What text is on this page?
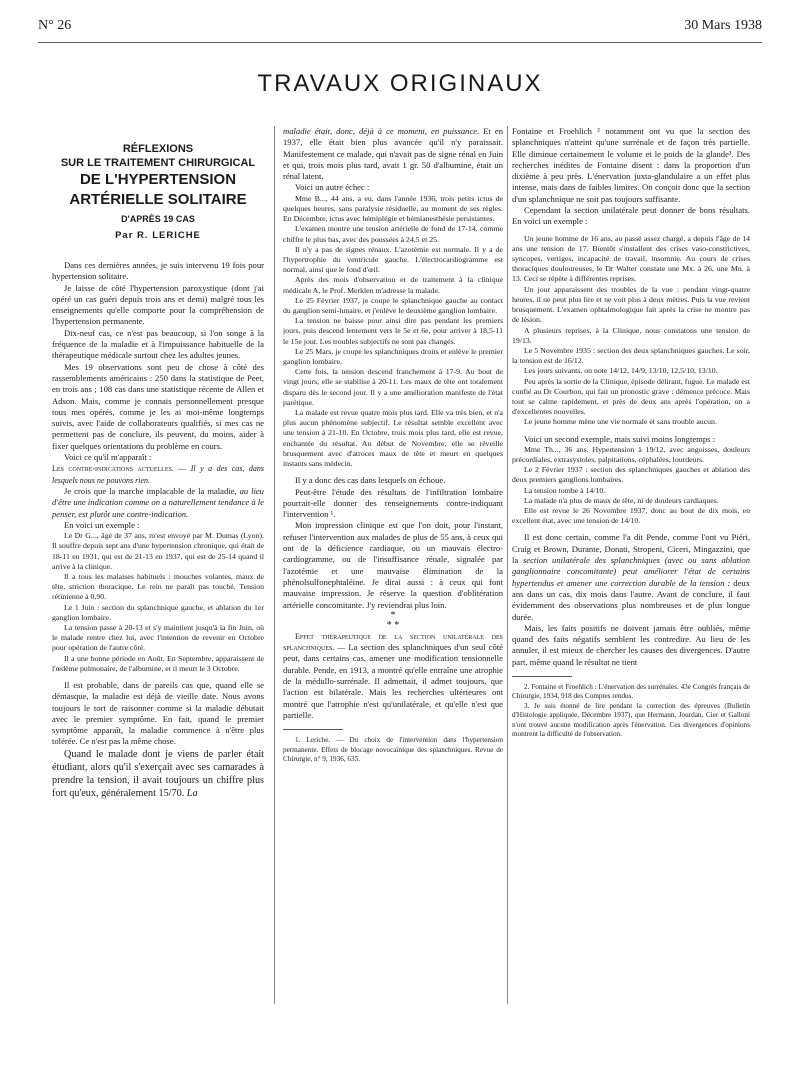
N° 26	30 Mars 1938
TRAVAUX ORIGINAUX
RÉFLEXIONS
SUR LE TRAITEMENT CHIRURGICAL
DE L'HYPERTENSION
ARTÉRIELLE SOLITAIRE
D'APRÈS 19 CAS
Par R. LERICHE

Dans ces dernières années, je suis intervenu 19 fois pour hypertension solitaire.

Je laisse de côté l'hypertension paroxystique (dont j'ai opéré un cas guéri depuis trois ans et demi) malgré tous les enseignements qu'elle comporte pour la compréhension de l'hypertension permanente.

Dix-neuf cas, ce n'est pas beaucoup, si l'on songe à la fréquence de la maladie et à l'impuissance habituelle de la thérapeutique médicale surtout chez les adultes jeunes.

Mes 19 observations sont peu de chose à côté des rassemblements américains : 250 dans la statistique de Peet, en trois ans ; 108 cas dans une statistique récente de Allen et Adson. Mais, comme je connais personnellement presque tous mes opérés, comme je les ai moi-même longtemps suivis, avec l'aide de collaborateurs qualifiés, si mes cas ne permettent pas de conclure, ils peuvent, du moins, aider à fixer quelques orientations du problème en cours.

Voici ce qu'il m'apparaît :

Les contre-indications actuelles. — Il y a des cas, dans lesquels nous ne pouvons rien.

Je crois que la marche implacable de la maladie, au lieu d'être une indication comme on a naturellement tendance à le penser, est plutôt une contre-indication.

En voici un exemple :

Le Dr G..., âgé de 37 ans, m'est envoyé par M. Dumas (Lyon). Il souffre depuis sept ans d'une hypertension chronique, qui était de 18-11 en 1931, qui est de 21-13 en 1937, qui est de 25-14 quand il arrive à la clinique.

Il a tous les malaises habituels : mouches volantes, maux de tête, striction thoracique. Le rein ne paraît pas touché. Tension rétinienne à 0,90.

Le 1 Juin : section du splanchnique gauche, et ablation du 1er ganglion lombaire.

La tension passe à 20-13 et s'y maintient jusqu'à la fin Juin, où le malade rentre chez lui, avec l'intention de revenir en Octobre pour opération de l'autre côté.

Il a une bonne période en Août. En Septembre, apparaissent de l'œdème pulmonaire, de l'albumine, et il meurt le 3 Octobre.

Il est probable, dans de pareils cas que, quand elle se démasque, la maladie est déjà de vieille date. Nous avons toujours le tort de raisonner comme si la maladie débutait avec le premier symptôme. En fait, quand le premier symptôme apparaît, la maladie commence à n'être plus tolérée. Ce n'est pas la même chose.

Quand le malade dont je viens de parler était étudiant, alors qu'il s'exerçait avec ses camarades à prendre la tension, il avait toujours un chiffre plus fort qu'eux, généralement 15/70. La

maladie était, donc, déjà à ce moment, en puissance. Et en 1937, elle était bien plus avancée qu'il n'y paraissait. Manifestement ce malade, qui n'avait pas de signe rénal en Juin et qui, trois mois plus tard, avait 1 gr. 50 d'albumine, était un rénal latent.

Voici un autre échec :

Mme B..., 44 ans, a eu, dans l'année 1936, trois petits ictus de quelques heures, sans paralysie résiduelle, au moment de ses règles. En Décembre, ictus avec hémiplégie et hémianesthésie persistantes.

L'examen montre une tension artérielle de fond de 17-14, comme chiffre le plus bas, avec des poussées à 24,5 et 25.

Il n'y a pas de signes rénaux. L'azotémie est normale. Il y a de l'hypertrophie du ventricule gauche. L'électrocardiogramme est normal, ainsi que le fond d'œil.

Après des mois d'observation et de traitement à la clinique médicale A, le Prof. Merklen m'adresse la malade.

Le 25 Février 1937, je coupe le splanchnique gauche au contact du ganglion semi-lunaire, et j'enlève le deuxième ganglion lombaire.

La tension ne baisse pour ainsi dire pas pendant les premiers jours, puis descend lentement vers le 5e et 6e, pour arriver à 18,5-11 le 15e jour. Les troubles subjectifs ne sont pas changés.

Le 25 Mars, je coupe les splanchniques droits et enlève le premier ganglion lombaire.

Cette fois, la tension descend franchement à 17-9. Au bout de vingt jours, elle se stabilise à 20-11. Les maux de tête ont totalement disparu dès le second jour. Il y a une amélioration manifeste de l'état parétique.

La malade est revue quatre mois plus tard. Elle va très bien, et n'a plus aucun phénomène subjectif. Le résultat semble excellent avec une tension à 21-10. En Octobre, trois mois plus tard, elle est revue, enchantée du résultat. Au début de Novembre, elle se réveille brusquement avec d'atroces maux de tête et meurt en quelques instants sans médecin.

Il y a donc des cas dans lesquels on échoue.

Peut-être l'étude des résultats de l'infiltration lombaire pourrait-elle donner des renseignements contre-indiquant l'intervention ¹.

Mon impression clinique est que l'on doit, pour l'instant, refuser l'intervention aux malades de plus de 55 ans, à ceux qui ont de la déficience cardiaque, ou un mauvais électro-cardiogramme, ou de l'insuffisance rénale, signalée par l'azotémie et une mauvaise élimination de la phénolsulfonephtaléine. Je dirai aussi : à ceux qui font mauvaise impression. Je réserve la question d'oblitération artérielle concomitante. J'y reviendrai plus loin.

*
* *

Effet thérapeutique de la section unilatérale des splanchniques. — La section des splanchniques d'un seul côté peut, dans certains cas, amener une modification tensionnelle durable. Pende, en 1913, a montré qu'elle entraîne une atrophie de la médullo-surrénale. Il admettait, il admet toujours, que l'action est bilatérale. Mais les recherches ultérieures ont montré que l'atrophie n'est qu'unilatérale, et qu'elle n'est que partielle.

1. Leriche. — Du choix de l'intervention dans l'hypertension permanente. Effets de blocage novocaïnique des splanchniques. Revue de Chirurgie, n° 9, 1936, 635.

Fontaine et Froehlich ² notamment ont vu que la section des splanchniques n'atteint qu'une surrénale et de façon très partielle. Elle diminue certainement le volume et le poids de la glande³. Des recherches inédites de Fontaine disent : dans la proportion d'un dixième à peu près. L'énervation juxta-glandulaire a un effet plus intense, mais dans de faibles limites. On conçoit donc que la section d'un splanchnique ne soit pas toujours suffisante.

Cependant la section unilatérale peut donner de bons résultats. En voici un exemple :

Un jeune homme de 16 ans, au passé assez chargé, a depuis l'âge de 14 ans une tension de 17. Bientôt s'installent des crises vaso-constrictives, syncopes, vertiges, incapacité de travail, insomnie. Au cours de crises thoraciques douloureuses, le Dr Walter constate une Mx. à 26, une Mn. à 13. Ceci se répète à différentes reprises.

Un jour apparaissent des troubles de la vue : pendant vingt-quatre heures, il ne peut plus lire et ne voit plus à deux mètres. Puis la vue revient brusquement. L'examen ophtalmologique fait après la crise ne montre pas de lésion.

A plusieurs reprises, à la Clinique, nous constatons une tension de 19/13.

Le 5 Novembre 1935 : section des deux splanchniques gauches. Le soir, la tension est de 16/12.

Les jours suivants, on note 14/12, 14/9, 13/10, 12,5/10, 13/10.

Peu après la sortie de la Clinique, épisode délirant, fugue. Le malade est confié au Dr Courbon, qui fait un pronostic grave : démence précoce. Mais tout se calme rapidement, et près de deux ans après l'opération, on a d'excellentes nouvelles.

Le jeune homme mène une vie normale et sans trouble aucun.

Voici un second exemple, mais suivi moins longtemps :

Mme Th..., 36 ans. Hypertension à 19/12, avec angoisses, douleurs précordiales, extrasystoles, palpitations, céphalées, lourdeurs.

Le 2 Février 1937 : section des splanchniques gauches et ablation des deux premiers ganglions lombaires.

La tension tombe à 14/10.

La malade n'a plus de maux de tête, ni de douleurs cardiaques.

Elle est revue le 26 Novembre 1937, donc au bout de dix mois, en excellent état, avec une tension de 14/10.

Il est donc certain, comme l'a dit Pende, comme l'ont vu Piéri, Craig et Brown, Durante, Donati, Stropeni, Ciceri, Mingazzini, que la section unilatérale des splanchniques (avec ou sans ablation ganglionnaire concomitante) peut améliorer l'état de certains hypertendus et amener une correction durable de la tension : deux ans dans un cas, dix mois dans l'autre. Avant de conclure, il faut évidemment des observations plus nombreuses et de plus longue durée.

Mais, les faits positifs ne doivent jamais être oubliés, même quand des faits négatifs semblent les contredire. Au lieu de les annuler, il est mieux de chercher les causes des divergences. D'autre part, même quand le résultat ne tient

2. Fontaine et Froehlich : L'énervation des surrénales. 43e Congrès français de Chirurgie, 1934, 918 des Comptes rendus.

3. Je suis étonné de lire pendant la correction des épreuves (Bulletin d'Histologie appliquée, Décembre 1937), que Hermann, Jourdan, Cier et Galloni n'ont trouvé aucune modification après l'énervation. Ces divergences d'opinions montrent la difficulté de l'observation.
